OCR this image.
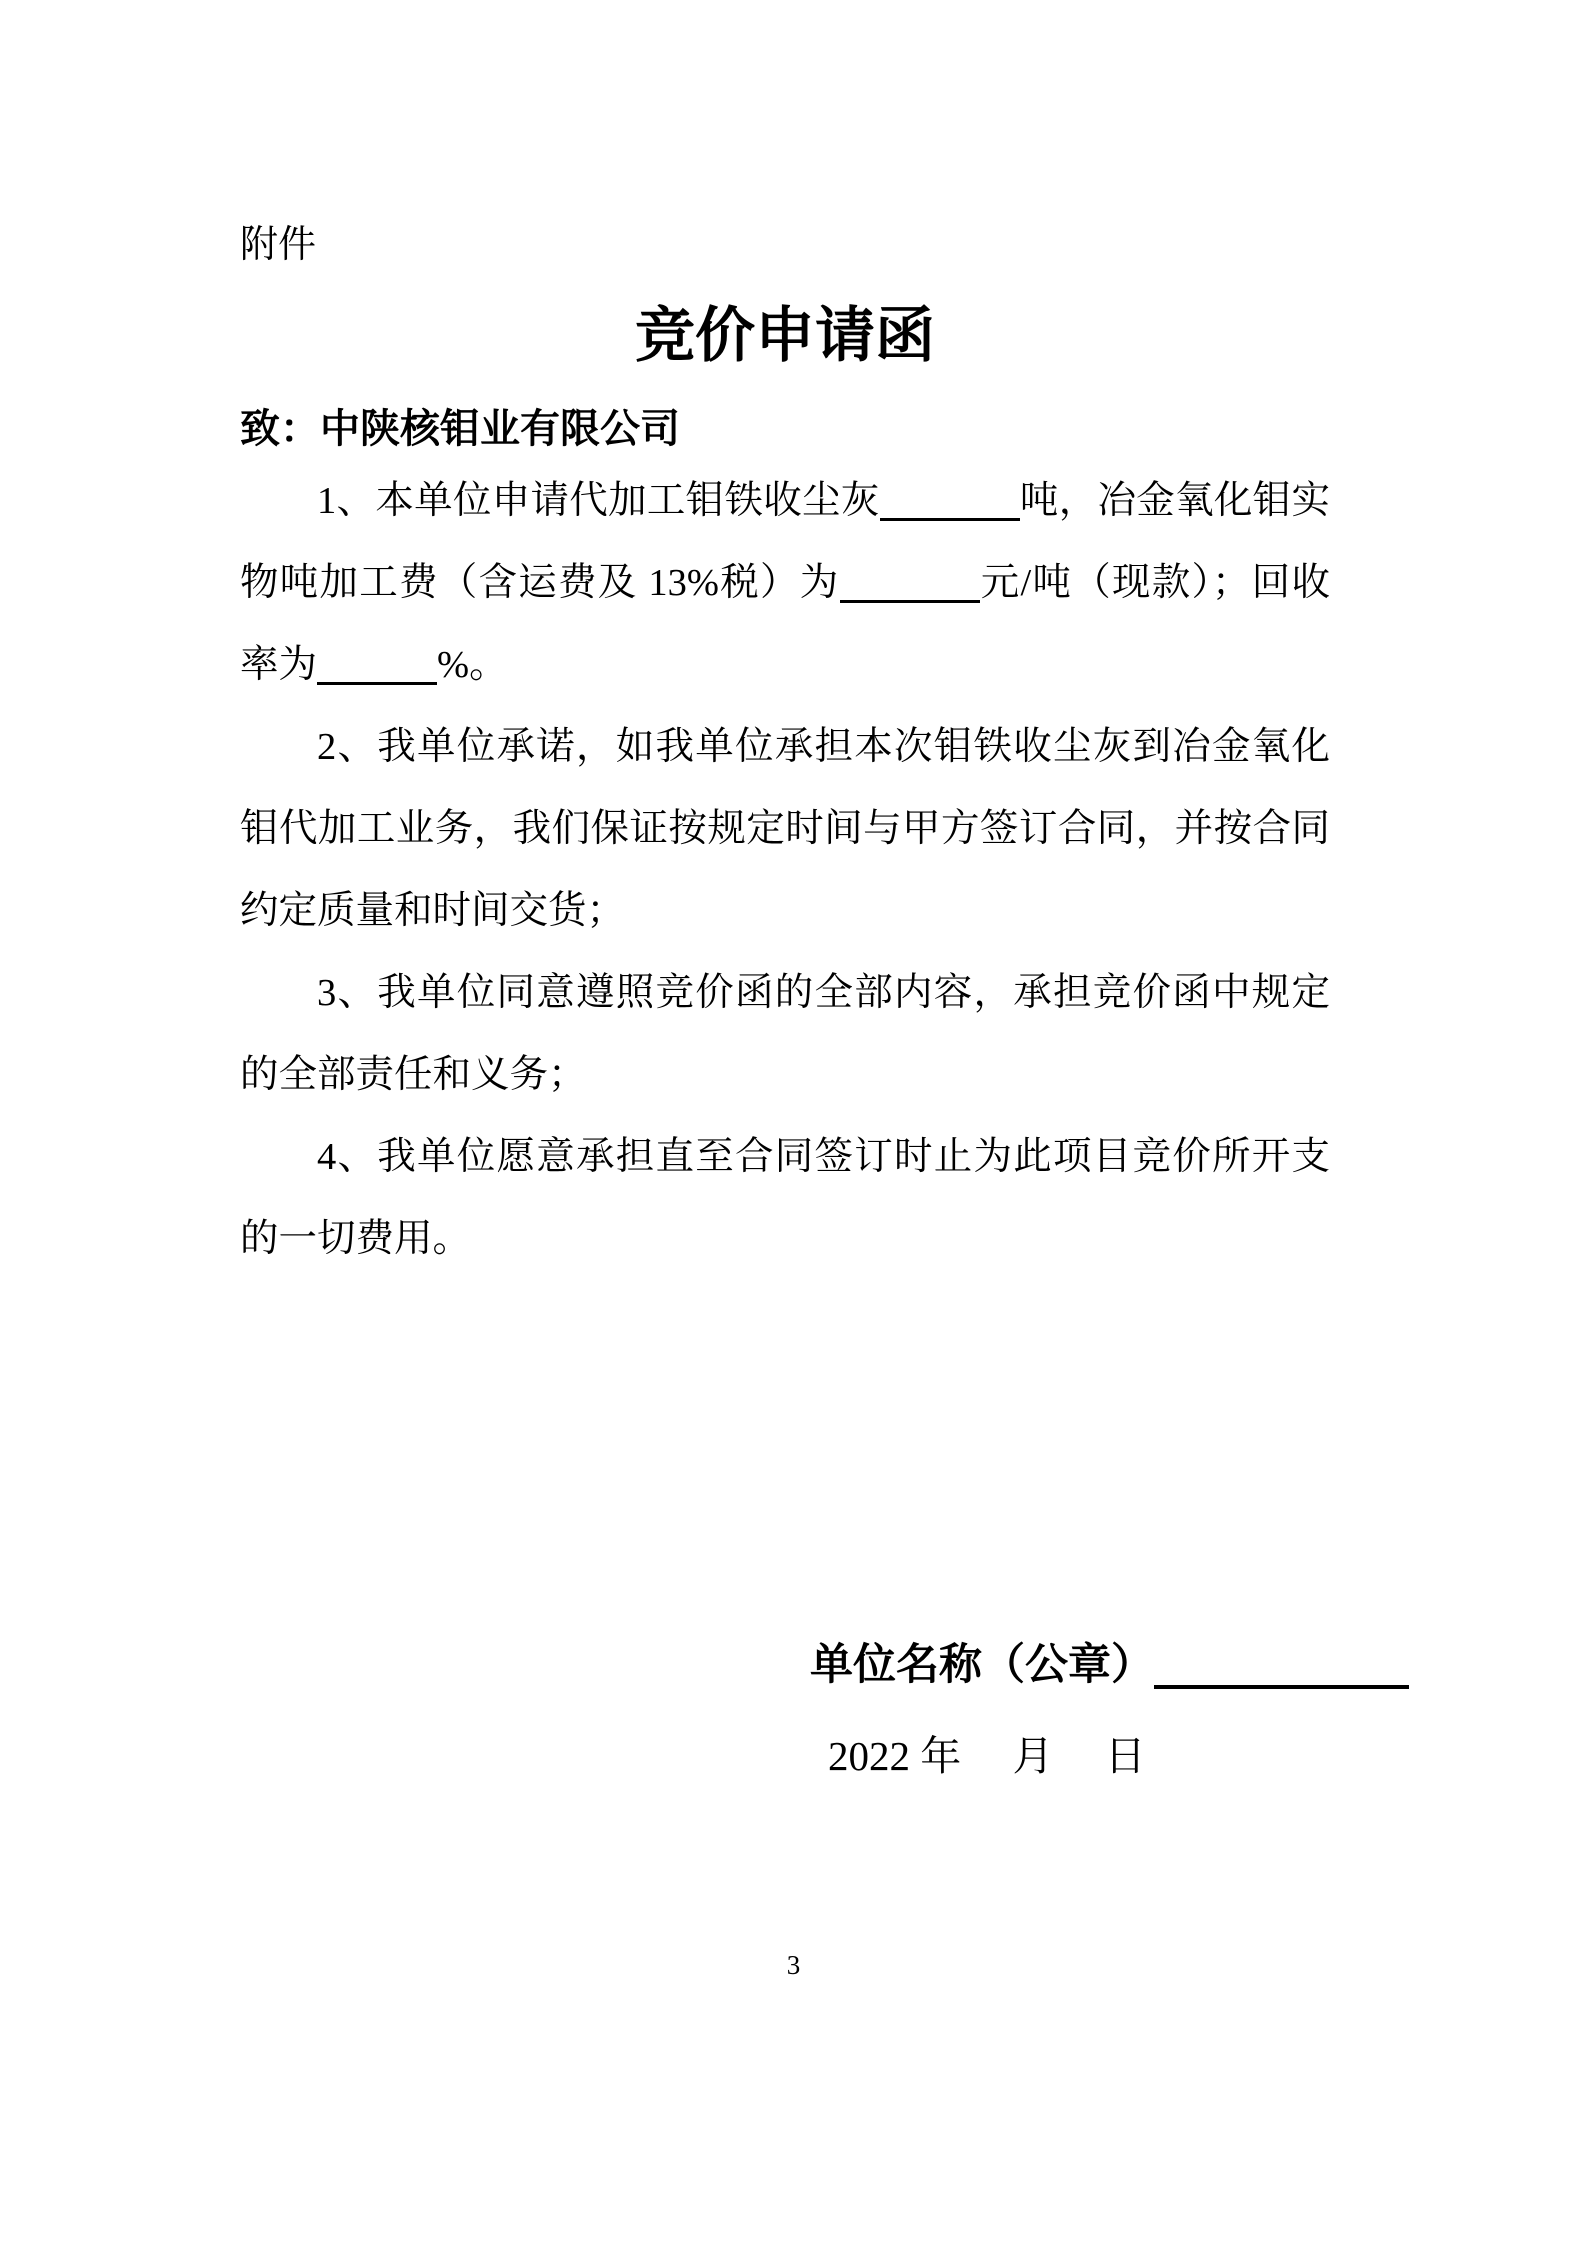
附件
竞价申请函
致：中陕核钼业有限公司

1、本单位申请代加工钼铁收尘灰	吨，冶金氧化钼实物吨加工费（含运费及 13%税）为	元/吨（现款）；回收率为	%。

2、我单位承诺，如我单位承担本次钼铁收尘灰到冶金氧化钼代加工业务，我们保证按规定时间与甲方签订合同，并按合同约定质量和时间交货；

3、我单位同意遵照竞价函的全部内容，承担竞价函中规定的全部责任和义务；

4、我单位愿意承担直至合同签订时止为此项目竞价所开支的一切费用。

单位名称（公章）
2022 年　 月　 日
3
